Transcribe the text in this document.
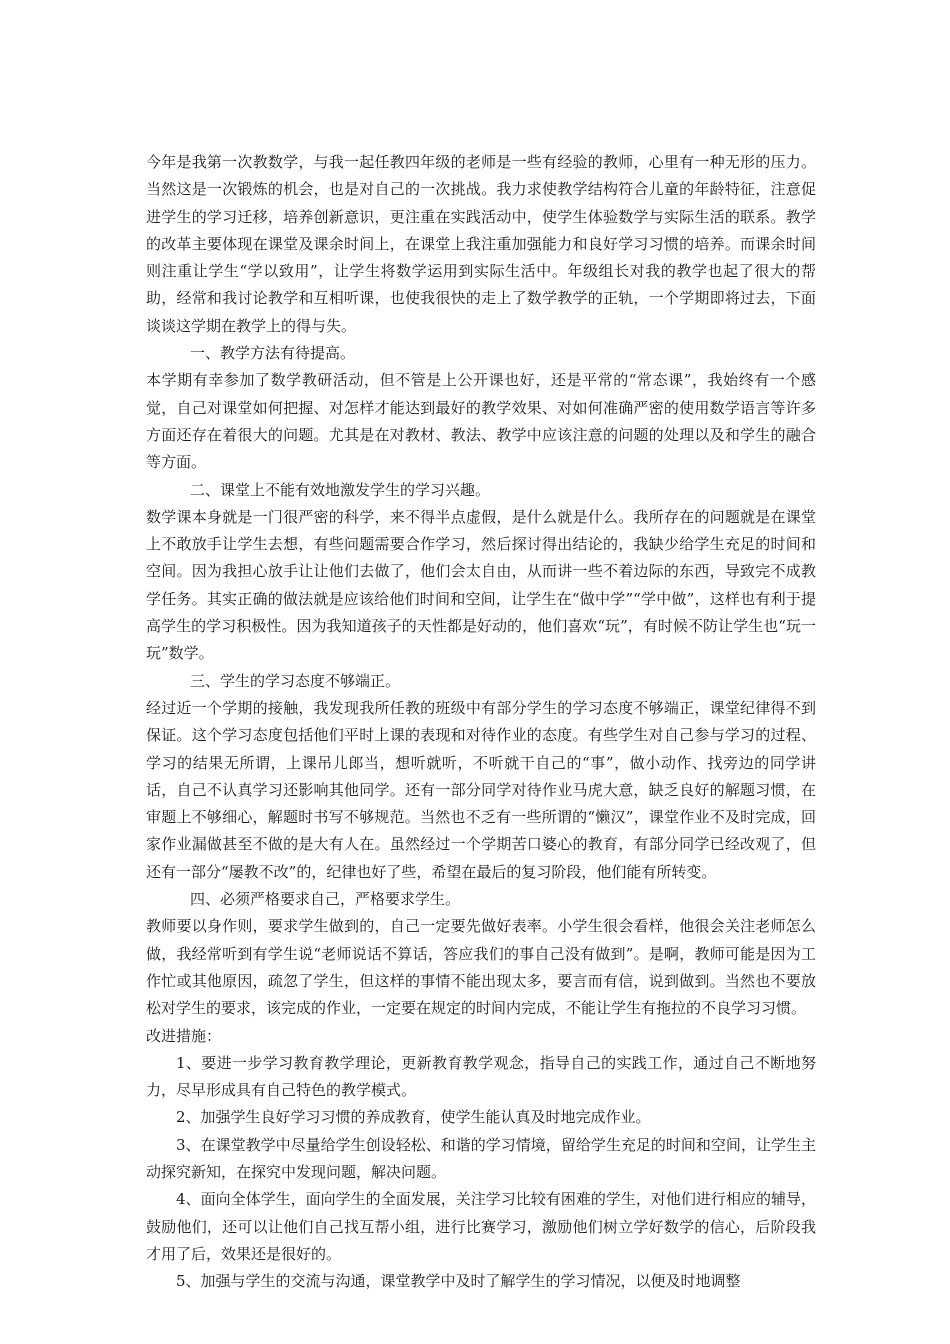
今年是我第一次教数学，与我一起任教四年级的老师是一些有经验的教师，心里有一种无形的压力。当然这是一次锻炼的机会，也是对自己的一次挑战。我力求使教学结构符合儿童的年龄特征，注意促进学生的学习迁移，培养创新意识，更注重在实践活动中，使学生体验数学与实际生活的联系。教学的改革主要体现在课堂及课余时间上，在课堂上我注重加强能力和良好学习习惯的培养。而课余时间则注重让学生“学以致用”，让学生将数学运用到实际生活中。年级组长对我的教学也起了很大的帮助，经常和我讨论教学和互相听课，也使我很快的走上了数学教学的正轨，一个学期即将过去，下面谈谈这学期在教学上的得与失。

一、教学方法有待提高。

本学期有幸参加了数学教研活动，但不管是上公开课也好，还是平常的“常态课”，我始终有一个感觉，自己对课堂如何把握、对怎样才能达到最好的教学效果、对如何准确严密的使用数学语言等许多方面还存在着很大的问题。尤其是在对教材、教法、教学中应该注意的问题的处理以及和学生的融合等方面。

二、课堂上不能有效地激发学生的学习兴趣。

数学课本身就是一门很严密的科学，来不得半点虚假，是什么就是什么。我所存在的问题就是在课堂上不敢放手让学生去想，有些问题需要合作学习，然后探讨得出结论的，我缺少给学生充足的时间和空间。因为我担心放手让让他们去做了，他们会太自由，从而讲一些不着边际的东西，导致完不成教学任务。其实正确的做法就是应该给他们时间和空间，让学生在“做中学”“学中做”，这样也有利于提高学生的学习积极性。因为我知道孩子的天性都是好动的，他们喜欢“玩”，有时候不防让学生也“玩一玩”数学。

三、学生的学习态度不够端正。

经过近一个学期的接触，我发现我所任教的班级中有部分学生的学习态度不够端正，课堂纪律得不到保证。这个学习态度包括他们平时上课的表现和对待作业的态度。有些学生对自己参与学习的过程、学习的结果无所谓，上课吊儿郎当，想听就听，不听就干自己的“事”，做小动作、找旁边的同学讲话，自己不认真学习还影响其他同学。还有一部分同学对待作业马虎大意，缺乏良好的解题习惯，在审题上不够细心，解题时书写不够规范。当然也不乏有一些所谓的“懒汉”，课堂作业不及时完成，回家作业漏做甚至不做的是大有人在。虽然经过一个学期苦口婆心的教育，有部分同学已经改观了，但还有一部分“屡教不改”的，纪律也好了些，希望在最后的复习阶段，他们能有所转变。

四、必须严格要求自己，严格要求学生。

教师要以身作则，要求学生做到的，自己一定要先做好表率。小学生很会看样，他很会关注老师怎么做，我经常听到有学生说“老师说话不算话，答应我们的事自己没有做到”。是啊，教师可能是因为工作忙或其他原因，疏忽了学生，但这样的事情不能出现太多，要言而有信，说到做到。当然也不要放松对学生的要求，该完成的作业，一定要在规定的时间内完成，不能让学生有拖拉的不良学习习惯。

改进措施：

1、要进一步学习教育教学理论，更新教育教学观念，指导自己的实践工作，通过自己不断地努力，尽早形成具有自己特色的教学模式。

2、加强学生良好学习习惯的养成教育，使学生能认真及时地完成作业。

3、在课堂教学中尽量给学生创设轻松、和谐的学习情境，留给学生充足的时间和空间，让学生主动探究新知，在探究中发现问题，解决问题。

4、面向全体学生，面向学生的全面发展，关注学习比较有困难的学生，对他们进行相应的辅导，鼓励他们，还可以让他们自己找互帮小组，进行比赛学习，激励他们树立学好数学的信心，后阶段我才用了后，效果还是很好的。

5、加强与学生的交流与沟通，课堂教学中及时了解学生的学习情况，以便及时地调整
